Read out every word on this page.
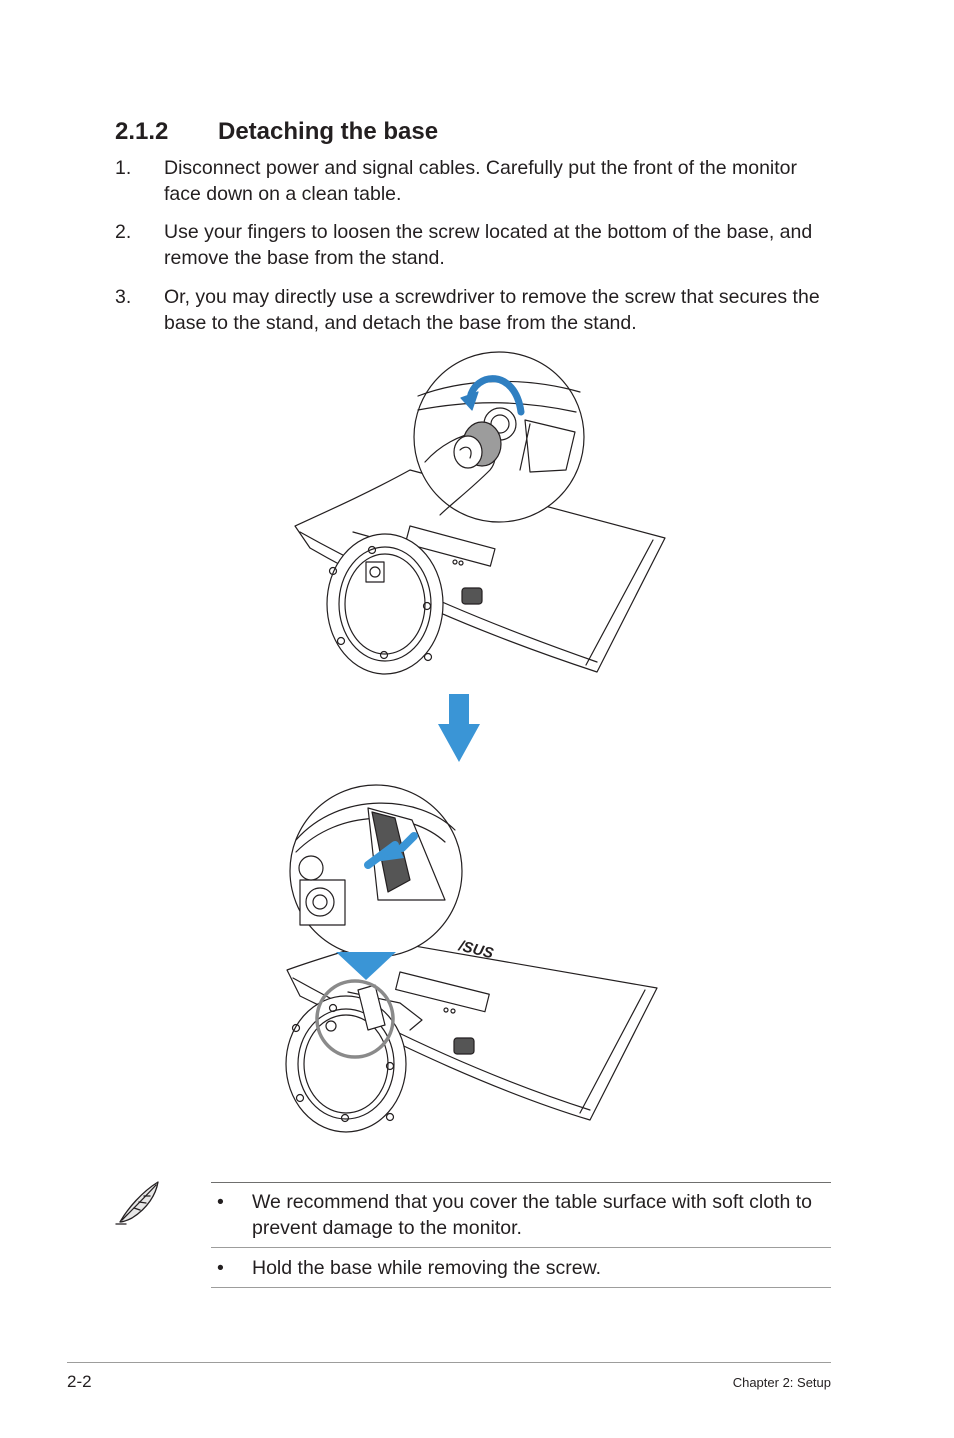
2.1.2 Detaching the base
1. Disconnect power and signal cables. Carefully put the front of the monitor face down on a clean table.
2. Use your fingers to loosen the screw located at the bottom of the base, and remove the base from the stand.
3. Or, you may directly use a screwdriver to remove the screw that secures the base to the stand, and detach the base from the stand.
/SUS
• We recommend that you cover the table surface with soft cloth to prevent damage to the monitor.
• Hold the base while removing the screw.
2-2	Chapter 2: Setup
